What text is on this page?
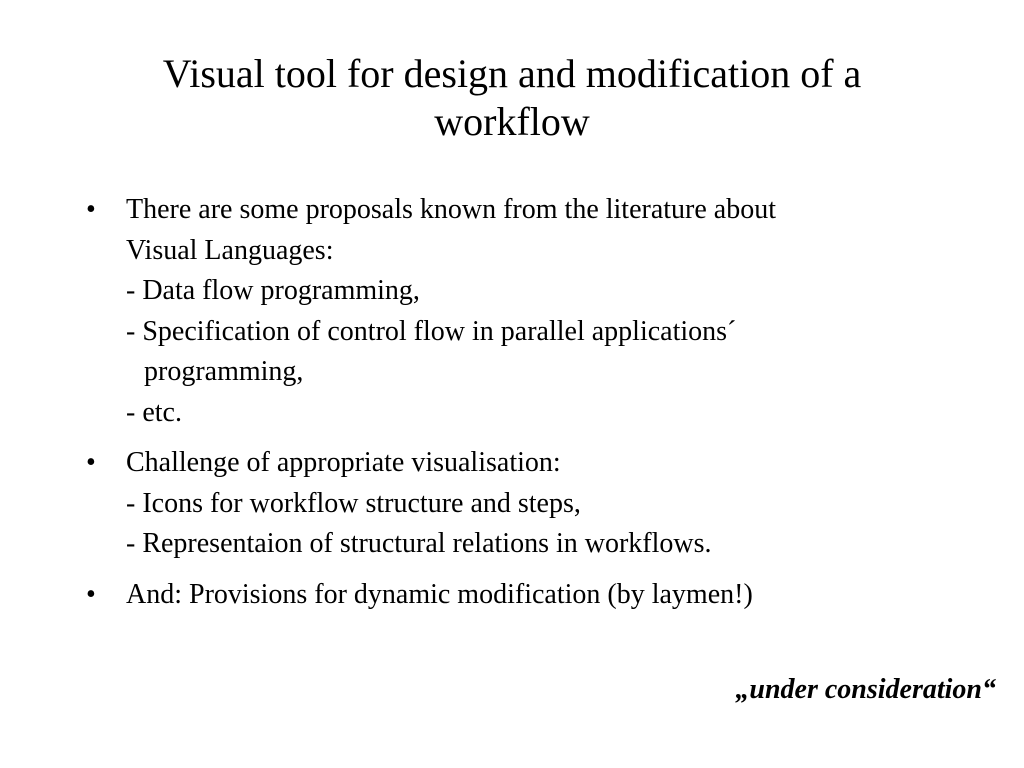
Visual tool for design and modification of a
workflow
• There are some proposals known from the literature about
Visual Languages:
- Data flow programming,
- Specification of control flow in parallel applications´
programming,
- etc.
• Challenge of appropriate visualisation:
- Icons for workflow structure and steps,
- Representaion of structural relations in workflows.
• And: Provisions for dynamic modification (by laymen!)
„under consideration“
